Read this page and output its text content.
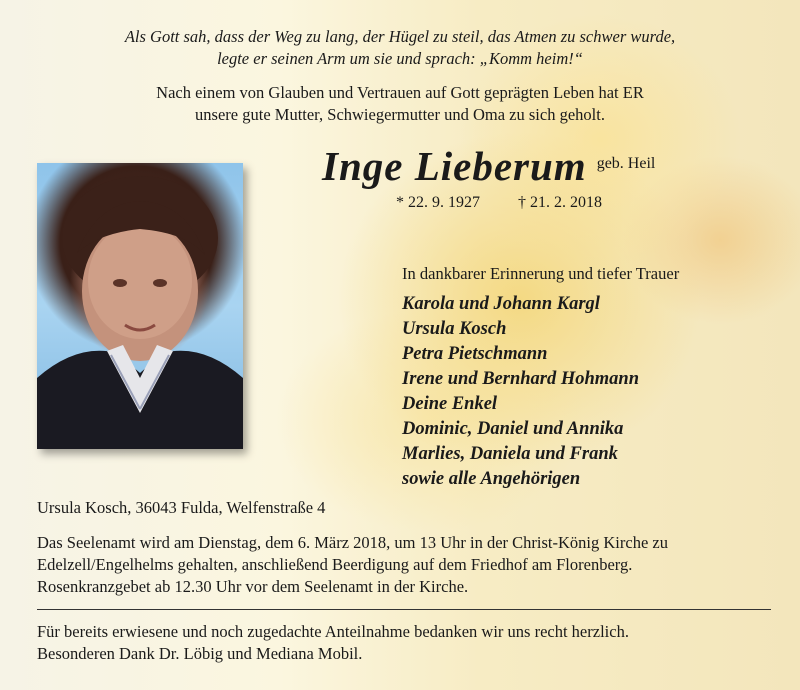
Als Gott sah, dass der Weg zu lang, der Hügel zu steil, das Atmen zu schwer wurde,
legte er seinen Arm um sie und sprach: „Komm heim!“
Nach einem von Glauben und Vertrauen auf Gott geprägten Leben hat ER
unsere gute Mutter, Schwiegermutter und Oma zu sich geholt.
Inge Lieberum geb. Heil
* 22. 9. 1927 † 21. 2. 2018
In dankbarer Erinnerung und tiefer Trauer
Karola und Johann Kargl
Ursula Kosch
Petra Pietschmann
Irene und Bernhard Hohmann
Deine Enkel
Dominic, Daniel und Annika
Marlies, Daniela und Frank
sowie alle Angehörigen
Ursula Kosch, 36043 Fulda, Welfenstraße 4
Das Seelenamt wird am Dienstag, dem 6. März 2018, um 13 Uhr in der Christ-König Kirche zu
Edelzell/Engelhelms gehalten, anschließend Beerdigung auf dem Friedhof am Florenberg.
Rosenkranzgebet ab 12.30 Uhr vor dem Seelenamt in der Kirche.
Für bereits erwiesene und noch zugedachte Anteilnahme bedanken wir uns recht herzlich.
Besonderen Dank Dr. Löbig und Mediana Mobil.
